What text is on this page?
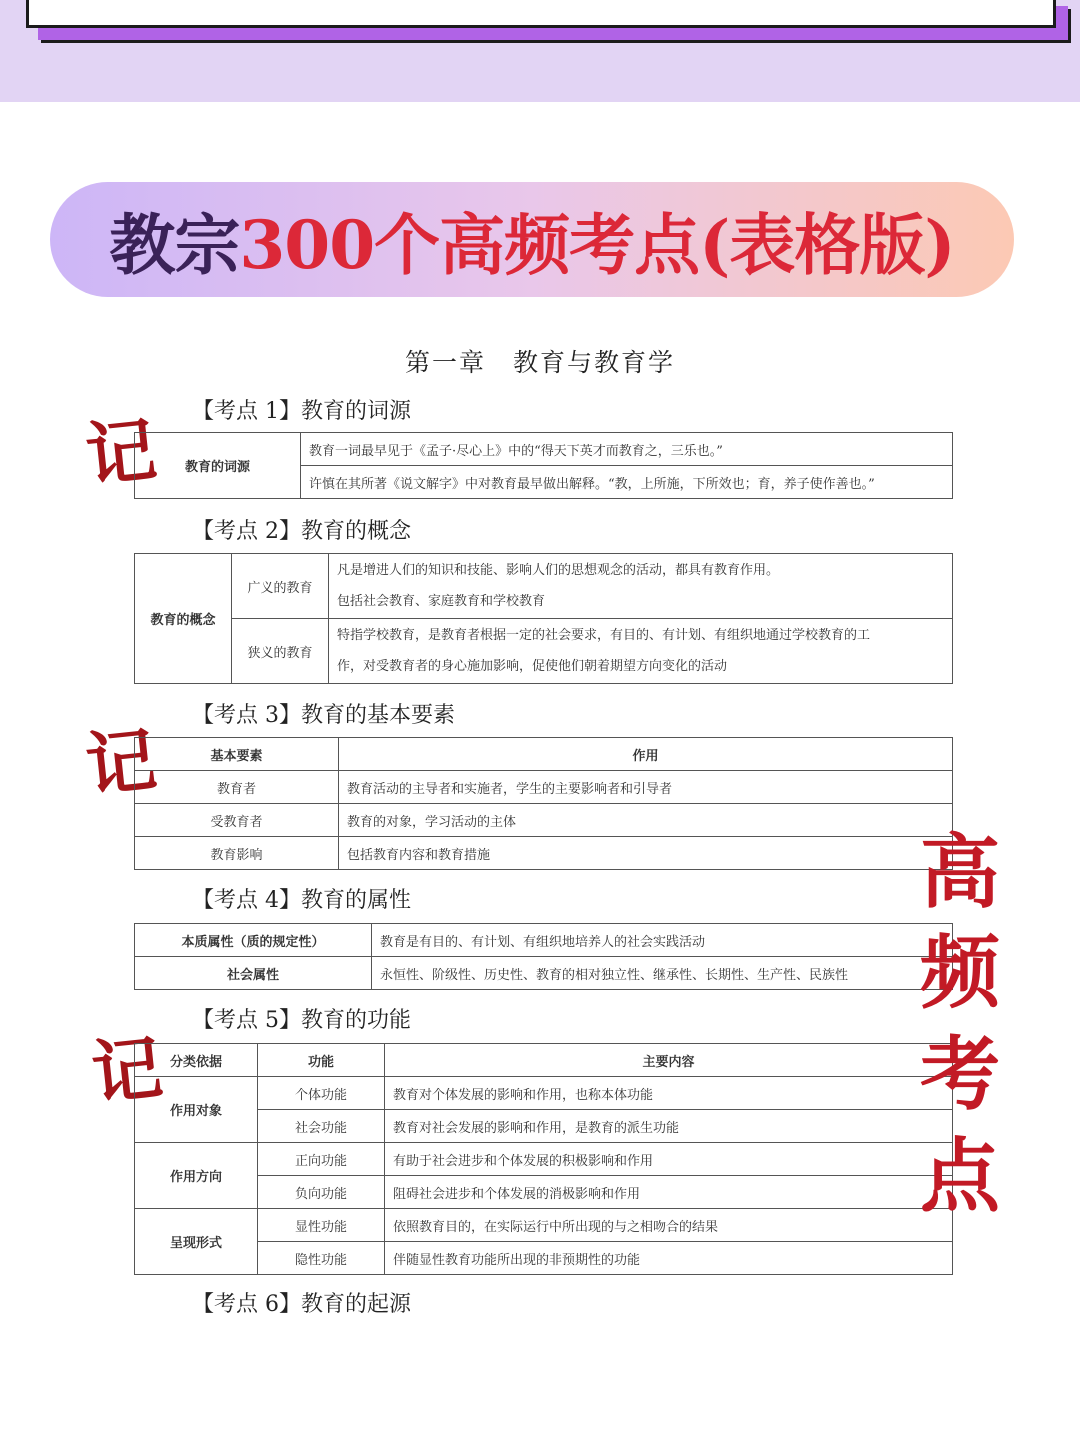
教宗300个高频考点(表格版)
第一章　教育与教育学
记
记
记
【考点 1】教育的词源
教育的词源	教育一词最早见于《孟子·尽心上》中的“得天下英才而教育之，三乐也。”
许慎在其所著《说文解字》中对教育最早做出解释。“教，上所施，下所效也；育，养子使作善也。”
【考点 2】教育的概念
教育的概念	广义的教育	凡是增进人们的知识和技能、影响人们的思想观念的活动，都具有教育作用。
包括社会教育、家庭教育和学校教育

	狭义的教育	特指学校教育，是教育者根据一定的社会要求，有目的、有计划、有组织地通过学校教育的工
作，对受教育者的身心施加影响，促使他们朝着期望方向变化的活动
【考点 3】教育的基本要素
基本要素	作用
教育者	教育活动的主导者和实施者，学生的主要影响者和引导者
受教育者	教育的对象，学习活动的主体
教育影响	包括教育内容和教育措施
【考点 4】教育的属性
本质属性（质的规定性）	教育是有目的、有计划、有组织地培养人的社会实践活动
社会属性	永恒性、阶级性、历史性、教育的相对独立性、继承性、长期性、生产性、民族性
【考点 5】教育的功能
分类依据	功能	主要内容
作用对象	个体功能	教育对个体发展的影响和作用，也称本体功能
	社会功能	教育对社会发展的影响和作用，是教育的派生功能
作用方向	正向功能	有助于社会进步和个体发展的积极影响和作用
	负向功能	阻碍社会进步和个体发展的消极影响和作用
呈现形式	显性功能	依照教育目的，在实际运行中所出现的与之相吻合的结果
	隐性功能	伴随显性教育功能所出现的非预期性的功能
【考点 6】教育的起源
高
频
考
点
